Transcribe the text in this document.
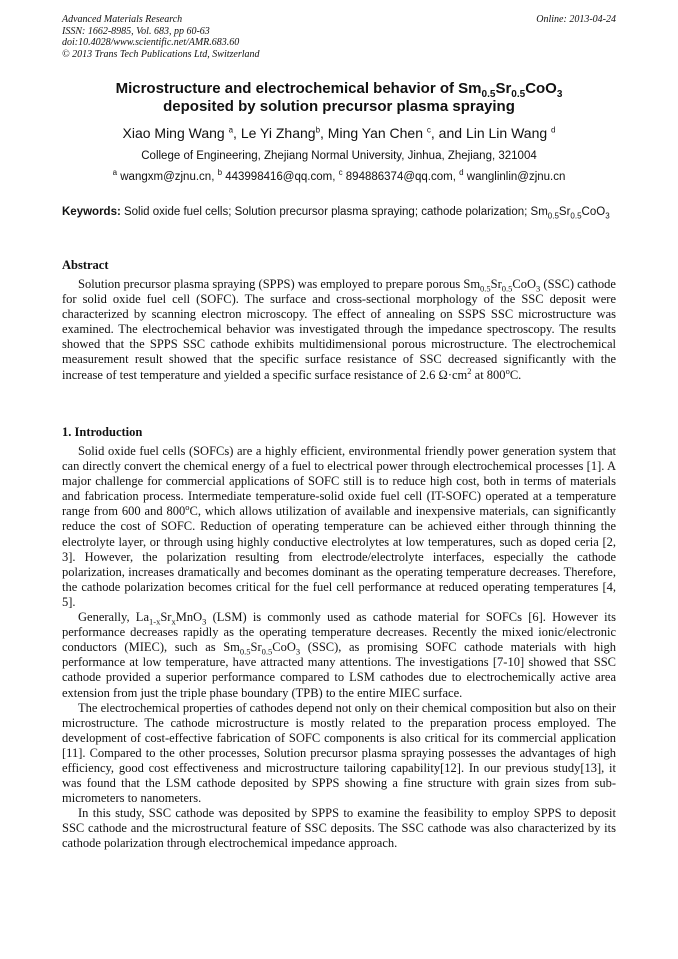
Advanced Materials Research
ISSN: 1662-8985, Vol. 683, pp 60-63
doi:10.4028/www.scientific.net/AMR.683.60
© 2013 Trans Tech Publications Ltd, Switzerland
Online: 2013-04-24
Microstructure and electrochemical behavior of $Sm_{0.5}Sr_{0.5}CoO_3$
deposited by solution precursor plasma spraying
Xiao Ming Wang $^a$, Le Yi Zhang$^b$, Ming Yan Chen $^c$, and Lin Lin Wang $^d$
College of Engineering, Zhejiang Normal University, Jinhua, Zhejiang, 321004
$^a$ wangxm@zjnu.cn, $^b$ 443998416@qq.com, $^c$ 894886374@qq.com, $^d$ wanglinlin@zjnu.cn
Keywords: Solid oxide fuel cells; Solution precursor plasma spraying; cathode polarization; $Sm_{0.5}Sr_{0.5}CoO_3$
Abstract

Solution precursor plasma spraying (SPPS) was employed to prepare porous $Sm_{0.5}Sr_{0.5}CoO_3$ (SSC) cathode for solid oxide fuel cell (SOFC). The surface and cross-sectional morphology of the SSC deposit were characterized by scanning electron microscopy. The effect of annealing on SSPS SSC microstructure was examined. The electrochemical behavior was investigated through the impedance spectroscopy. The results showed that the SPPS SSC cathode exhibits multidimensional porous microstructure. The electrochemical measurement result showed that the specific surface resistance of SSC decreased significantly with the increase of test temperature and yielded a specific surface resistance of 2.6 $\Omega\cdot cm^2$ at 800$^o$C.

1. Introduction

Solid oxide fuel cells (SOFCs) are a highly efficient, environmental friendly power generation system that can directly convert the chemical energy of a fuel to electrical power through electrochemical processes [1]. A major challenge for commercial applications of SOFC still is to reduce high cost, both in terms of materials and fabrication process. Intermediate temperature-solid oxide fuel cell (IT-SOFC) operated at a temperature range from 600 and 800$^o$C, which allows utilization of available and inexpensive materials, can significantly reduce the cost of SOFC. Reduction of operating temperature can be achieved either through thinning the electrolyte layer, or through using highly conductive electrolytes at low temperatures, such as doped ceria [2, 3]. However, the polarization resulting from electrode/electrolyte interfaces, especially the cathode polarization, increases dramatically and becomes dominant as the operating temperature decreases. Therefore, the cathode polarization becomes critical for the fuel cell performance at reduced operating temperatures [4, 5].

Generally, $La_{1-x}Sr_xMnO_3$ (LSM) is commonly used as cathode material for SOFCs [6]. However its performance decreases rapidly as the operating temperature decreases. Recently the mixed ionic/electronic conductors (MIEC), such as $Sm_{0.5}Sr_{0.5}CoO_3$ (SSC), as promising SOFC cathode materials with high performance at low temperature, have attracted many attentions. The investigations [7-10] showed that SSC cathode provided a superior performance compared to LSM cathodes due to electrochemically active area extension from just the triple phase boundary (TPB) to the entire MIEC surface.

The electrochemical properties of cathodes depend not only on their chemical composition but also on their microstructure. The cathode microstructure is mostly related to the preparation process employed. The development of cost-effective fabrication of SOFC components is also critical for its commercial application [11]. Compared to the other processes, Solution precursor plasma spraying possesses the advantages of high efficiency, good cost effectiveness and microstructure tailoring capability[12]. In our previous study[13], it was found that the LSM cathode deposited by SPPS showing a fine structure with grain sizes from sub-micrometers to nanometers.

In this study, SSC cathode was deposited by SPPS to examine the feasibility to employ SPPS to deposit SSC cathode and the microstructural feature of SSC deposits. The SSC cathode was also characterized by its cathode polarization through electrochemical impedance approach.
